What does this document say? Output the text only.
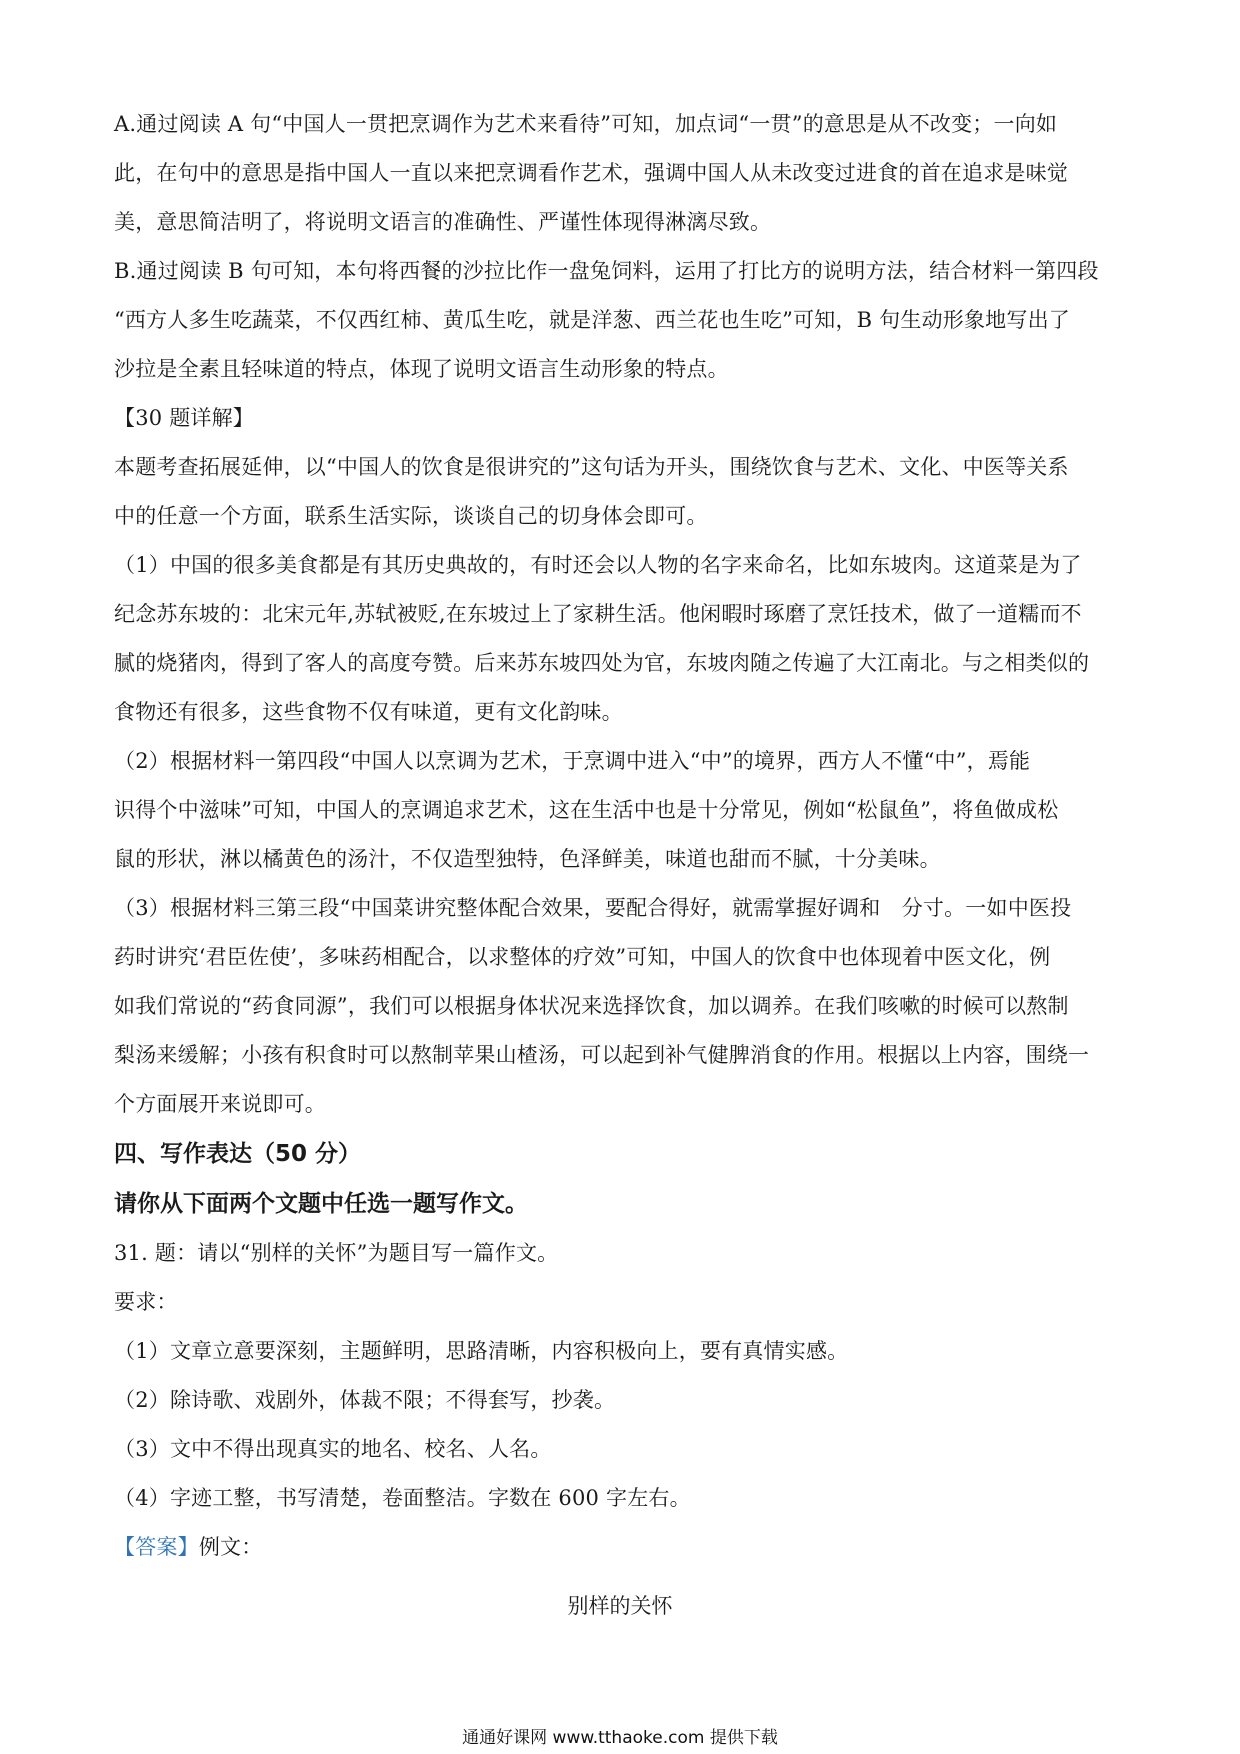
A.通过阅读 A 句“中国人一贯把烹调作为艺术来看待”可知，加点词“一贯”的意思是从不改变；一向如

此，在句中的意思是指中国人一直以来把烹调看作艺术，强调中国人从未改变过进食的首在追求是味觉

美，意思简洁明了，将说明文语言的准确性、严谨性体现得淋漓尽致。

B.通过阅读 B 句可知，本句将西餐的沙拉比作一盘兔饲料，运用了打比方的说明方法，结合材料一第四段

“西方人多生吃蔬菜，不仅西红柿、黄瓜生吃，就是洋葱、西兰花也生吃”可知，B 句生动形象地写出了

沙拉是全素且轻味道的特点，体现了说明文语言生动形象的特点。

【30 题详解】

本题考查拓展延伸，以“中国人的饮食是很讲究的”这句话为开头，围绕饮食与艺术、文化、中医等关系

中的任意一个方面，联系生活实际，谈谈自己的切身体会即可。

（1）中国的很多美食都是有其历史典故的，有时还会以人物的名字来命名，比如东坡肉。这道菜是为了

纪念苏东坡的：北宋元年,苏轼被贬,在东坡过上了家耕生活。他闲暇时琢磨了烹饪技术，做了一道糯而不

腻的烧猪肉，得到了客人的高度夸赞。后来苏东坡四处为官，东坡肉随之传遍了大江南北。与之相类似的

食物还有很多，这些食物不仅有味道，更有文化韵味。

（2）根据材料一第四段“中国人以烹调为艺术，于烹调中进入“中”的境界，西方人不懂“中”，焉能

识得个中滋味”可知，中国人的烹调追求艺术，这在生活中也是十分常见，例如“松鼠鱼”，将鱼做成松

鼠的形状，淋以橘黄色的汤汁，不仅造型独特，色泽鲜美，味道也甜而不腻，十分美味。

（3）根据材料三第三段“中国菜讲究整体配合效果，要配合得好，就需掌握好调和　分寸。一如中医投

药时讲究‘君臣佐使’，多味药相配合，以求整体的疗效”可知，中国人的饮食中也体现着中医文化，例

如我们常说的“药食同源”，我们可以根据身体状况来选择饮食，加以调养。在我们咳嗽的时候可以熬制

梨汤来缓解；小孩有积食时可以熬制苹果山楂汤，可以起到补气健脾消食的作用。根据以上内容，围绕一

个方面展开来说即可。

四、写作表达（50 分）

请你从下面两个文题中任选一题写作文。

31. 题：请以“别样的关怀”为题目写一篇作文。

要求：

（1）文章立意要深刻，主题鲜明，思路清晰，内容积极向上，要有真情实感。

（2）除诗歌、戏剧外，体裁不限；不得套写，抄袭。

（3）文中不得出现真实的地名、校名、人名。

（4）字迹工整，书写清楚，卷面整洁。字数在 600 字左右。

【答案】例文：

别样的关怀

通通好课网 www.tthaoke.com 提供下载
